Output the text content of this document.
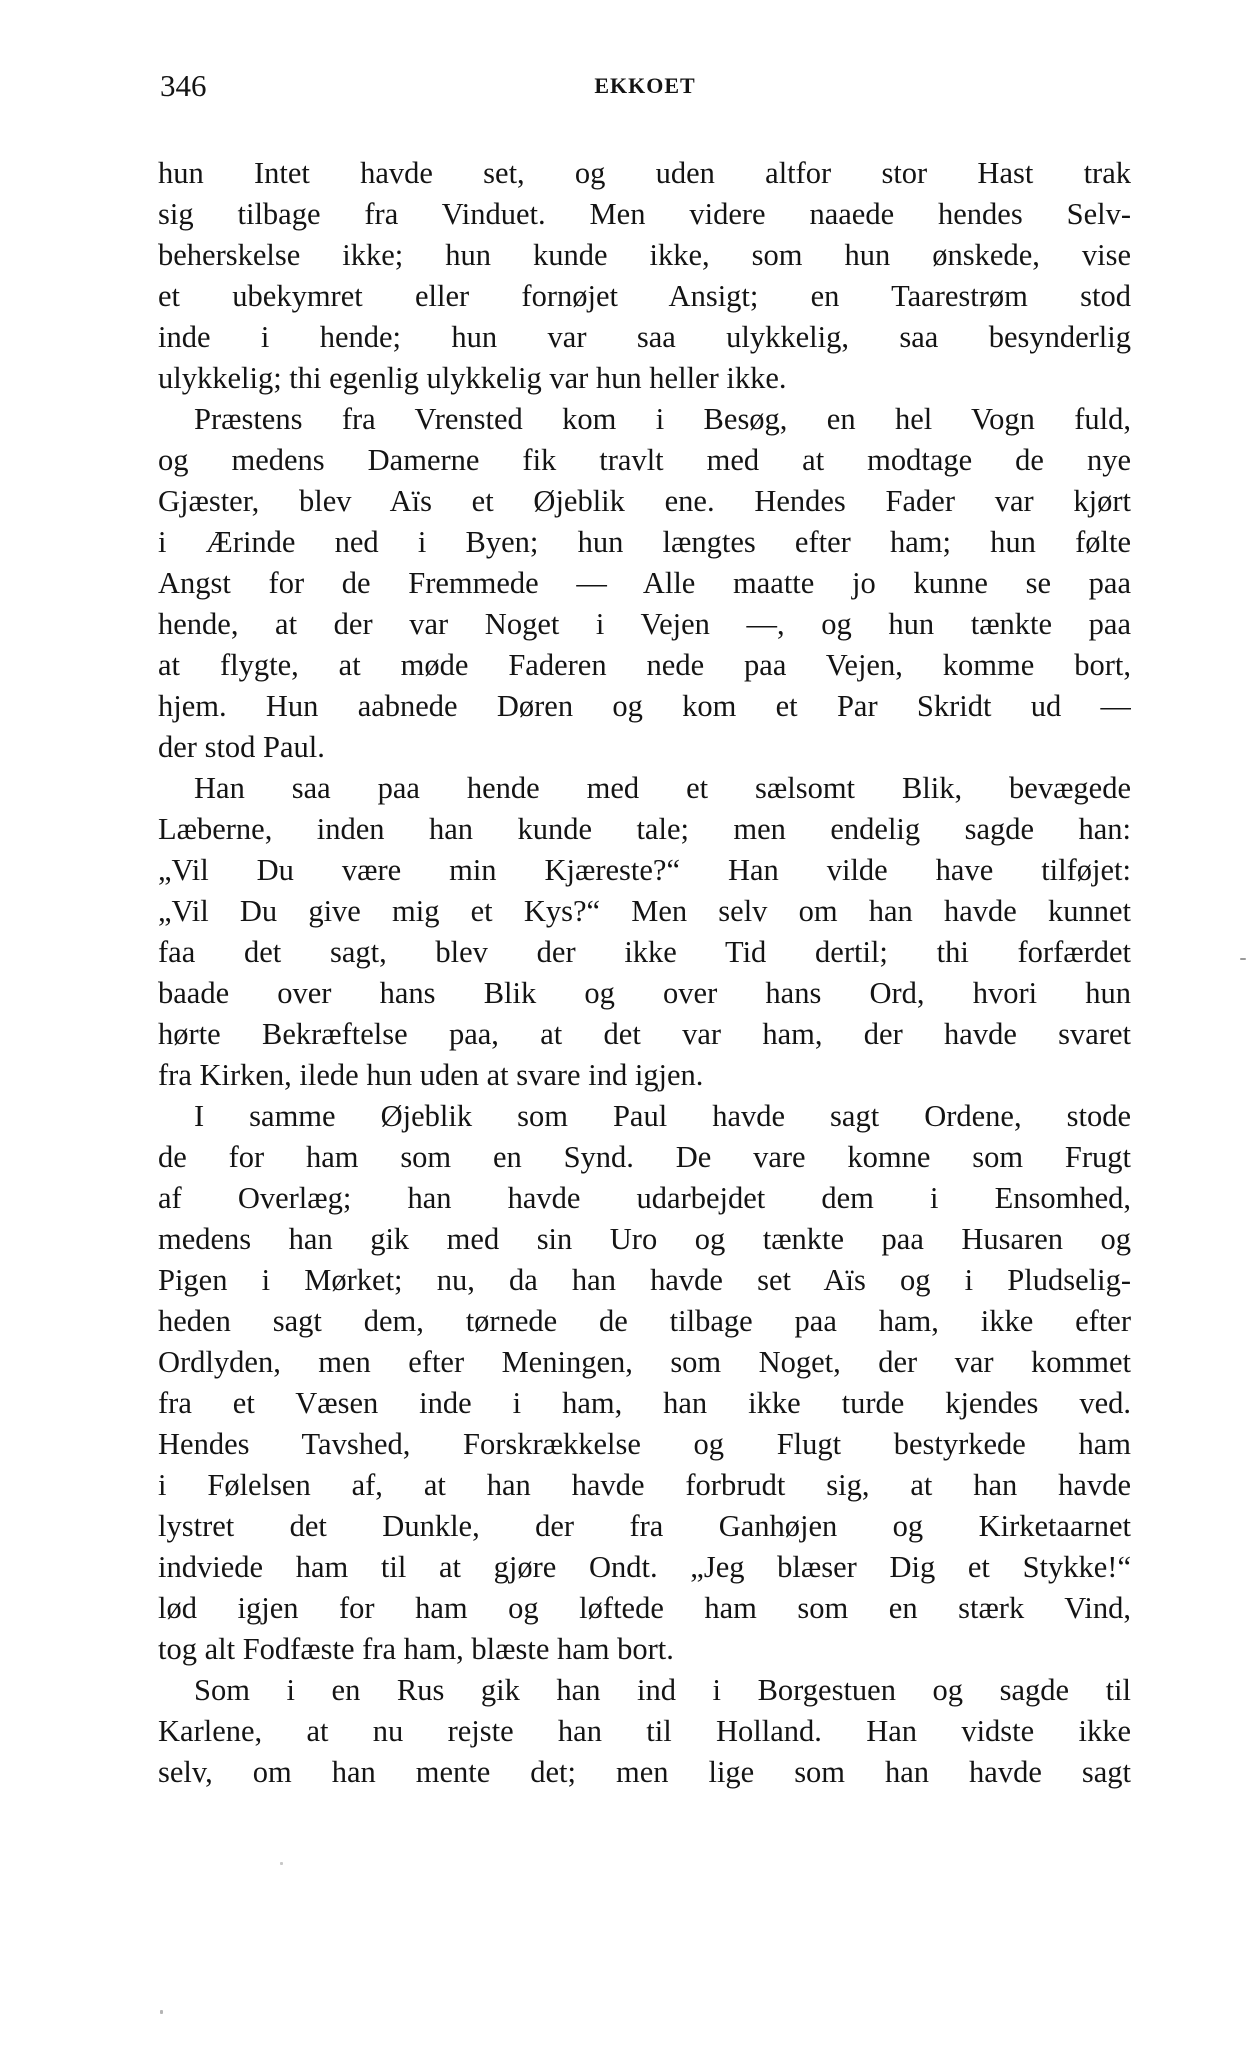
346	EKKOET
hun Intet havde set, og uden altfor stor Hast trak
sig tilbage fra Vinduet. Men videre naaede hendes Selv-
beherskelse ikke; hun kunde ikke, som hun ønskede, vise
et ubekymret eller fornøjet Ansigt; en Taarestrøm stod
inde i hende; hun var saa ulykkelig, saa besynderlig
ulykkelig; thi egenlig ulykkelig var hun heller ikke.
Præstens fra Vrensted kom i Besøg, en hel Vogn fuld,
og medens Damerne fik travlt med at modtage de nye
Gjæster, blev Aïs et Øjeblik ene. Hendes Fader var kjørt
i Ærinde ned i Byen; hun længtes efter ham; hun følte
Angst for de Fremmede — Alle maatte jo kunne se paa
hende, at der var Noget i Vejen —, og hun tænkte paa
at flygte, at møde Faderen nede paa Vejen, komme bort,
hjem. Hun aabnede Døren og kom et Par Skridt ud —
der stod Paul.
Han saa paa hende med et sælsomt Blik, bevægede
Læberne, inden han kunde tale; men endelig sagde han:
„Vil Du være min Kjæreste?“ Han vilde have tilføjet:
„Vil Du give mig et Kys?“ Men selv om han havde kunnet
faa det sagt, blev der ikke Tid dertil; thi forfærdet
baade over hans Blik og over hans Ord, hvori hun
hørte Bekræftelse paa, at det var ham, der havde svaret
fra Kirken, ilede hun uden at svare ind igjen.
I samme Øjeblik som Paul havde sagt Ordene, stode
de for ham som en Synd. De vare komne som Frugt
af Overlæg; han havde udarbejdet dem i Ensomhed,
medens han gik med sin Uro og tænkte paa Husaren og
Pigen i Mørket; nu, da han havde set Aïs og i Pludselig-
heden sagt dem, tørnede de tilbage paa ham, ikke efter
Ordlyden, men efter Meningen, som Noget, der var kommet
fra et Væsen inde i ham, han ikke turde kjendes ved.
Hendes Tavshed, Forskrækkelse og Flugt bestyrkede ham
i Følelsen af, at han havde forbrudt sig, at han havde
lystret det Dunkle, der fra Ganhøjen og Kirketaarnet
indviede ham til at gjøre Ondt. „Jeg blæser Dig et Stykke!“
lød igjen for ham og løftede ham som en stærk Vind,
tog alt Fodfæste fra ham, blæste ham bort.
Som i en Rus gik han ind i Borgestuen og sagde til
Karlene, at nu rejste han til Holland. Han vidste ikke
selv, om han mente det; men lige som han havde sagt
